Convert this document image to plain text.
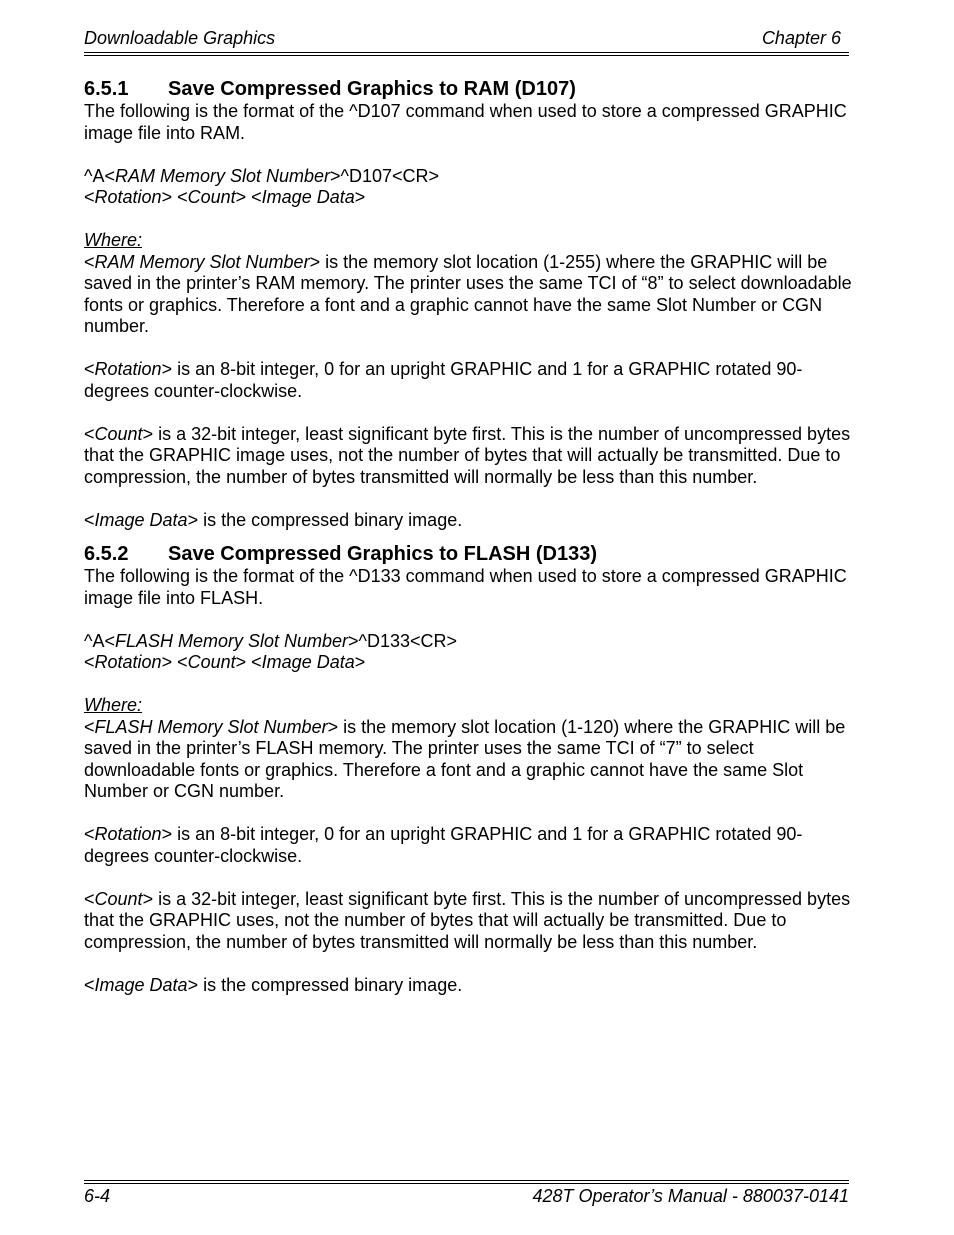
Downloadable Graphics	Chapter 6
6.5.1 Save Compressed Graphics to RAM (D107)

The following is the format of the ^D107 command when used to store a compressed GRAPHIC image file into RAM.

^A<RAM Memory Slot Number>^D107<CR>
<Rotation> <Count> <Image Data>

Where:

<RAM Memory Slot Number> is the memory slot location (1-255) where the GRAPHIC will be saved in the printer’s RAM memory. The printer uses the same TCI of “8” to select downloadable fonts or graphics. Therefore a font and a graphic cannot have the same Slot Number or CGN number.

<Rotation> is an 8-bit integer, 0 for an upright GRAPHIC and 1 for a GRAPHIC rotated 90-degrees counter-clockwise.

<Count> is a 32-bit integer, least significant byte first. This is the number of uncompressed bytes that the GRAPHIC image uses, not the number of bytes that will actually be transmitted. Due to compression, the number of bytes transmitted will normally be less than this number.

<Image Data> is the compressed binary image.

6.5.2 Save Compressed Graphics to FLASH (D133)

The following is the format of the ^D133 command when used to store a compressed GRAPHIC image file into FLASH.

^A<FLASH Memory Slot Number>^D133<CR>
<Rotation> <Count> <Image Data>

Where:

<FLASH Memory Slot Number> is the memory slot location (1-120) where the GRAPHIC will be saved in the printer’s FLASH memory. The printer uses the same TCI of “7” to select downloadable fonts or graphics. Therefore a font and a graphic cannot have the same Slot Number or CGN number.

<Rotation> is an 8-bit integer, 0 for an upright GRAPHIC and 1 for a GRAPHIC rotated 90-degrees counter-clockwise.

<Count> is a 32-bit integer, least significant byte first. This is the number of uncompressed bytes that the GRAPHIC uses, not the number of bytes that will actually be transmitted. Due to compression, the number of bytes transmitted will normally be less than this number.

<Image Data> is the compressed binary image.

6-4	428T Operator’s Manual - 880037-0141
